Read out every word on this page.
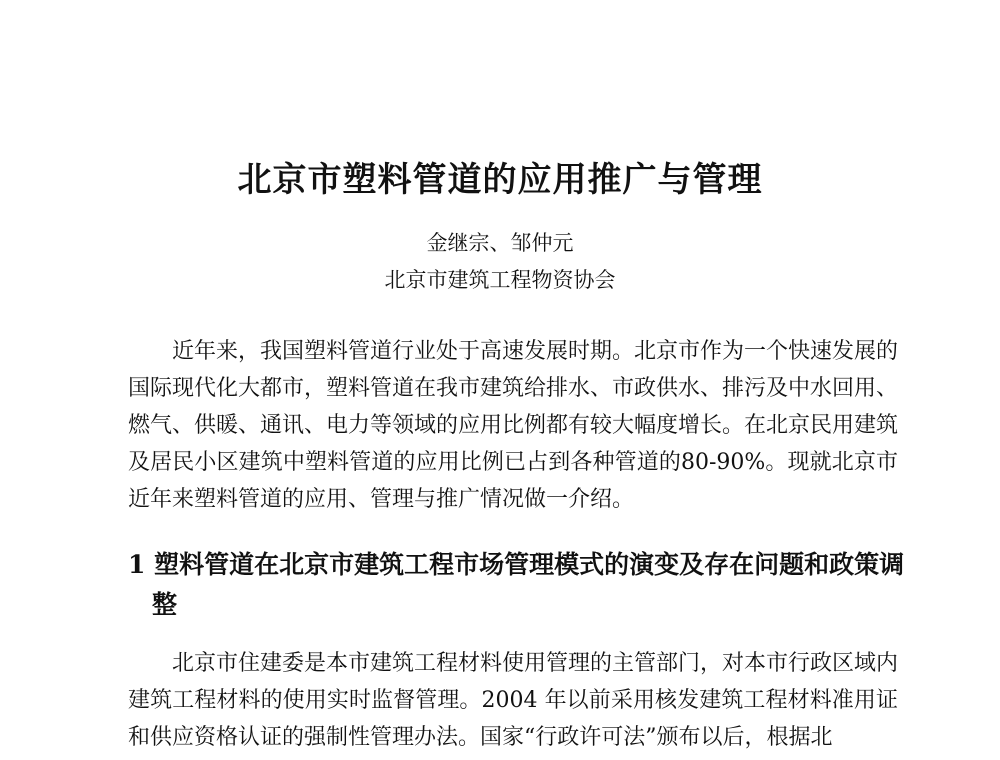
北京市塑料管道的应用推广与管理

金继宗、邹仲元

北京市建筑工程物资协会

近年来，我国塑料管道行业处于高速发展时期。北京市作为一个快速发展的国际现代化大都市，塑料管道在我市建筑给排水、市政供水、排污及中水回用、燃气、供暖、通讯、电力等领域的应用比例都有较大幅度增长。在北京民用建筑及居民小区建筑中塑料管道的应用比例已占到各种管道的80-90%。现就北京市近年来塑料管道的应用、管理与推广情况做一介绍。

1 塑料管道在北京市建筑工程市场管理模式的演变及存在问题和政策调整

北京市住建委是本市建筑工程材料使用管理的主管部门，对本市行政区域内建筑工程材料的使用实时监督管理。2004 年以前采用核发建筑工程材料准用证和供应资格认证的强制性管理办法。国家“行政许可法”颁布以后，根据北
